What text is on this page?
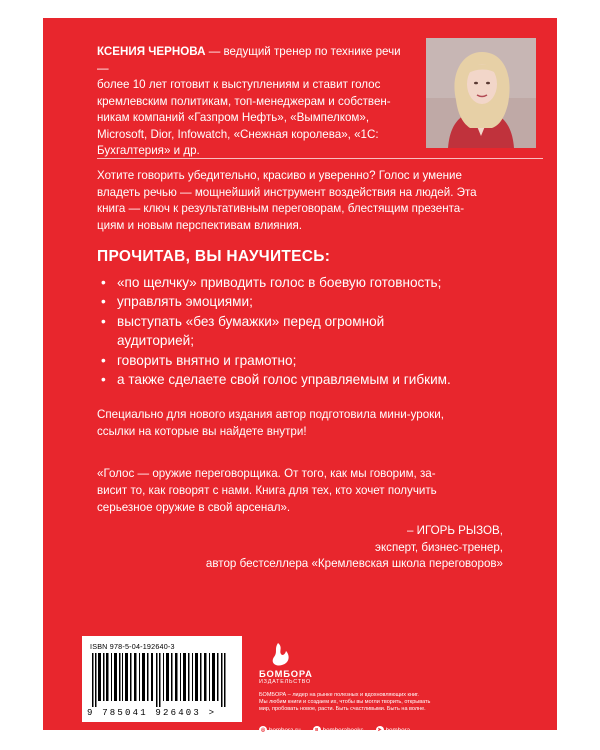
КСЕНИЯ ЧЕРНОВА — ведущий тренер по технике речи —
более 10 лет готовит к выступлениям и ставит голос
кремлевским политикам, топ-менеджерам и собствен-
никам компаний «Газпром Нефть», «Вымпелком»,
Microsoft, Dior, Infowatch, «Снежная королева», «1С:
Бухгалтерия» и др.
Хотите говорить убедительно, красиво и уверенно? Голос и умение
владеть речью — мощнейший инструмент воздействия на людей. Эта
книга — ключ к результативным переговорам, блестящим презента-
циям и новым перспективам влияния.
ПРОЧИТАВ, ВЫ НАУЧИТЕСЬ:
• «по щелчку» приводить голос в боевую готовность;
• управлять эмоциями;
• выступать «без бумажки» перед огромной
аудиторией;
• говорить внятно и грамотно;
• а также сделаете свой голос управляемым и гибким.
Специально для нового издания автор подготовила мини-уроки,
ссылки на которые вы найдете внутри!
«Голос — оружие переговорщика. От того, как мы говорим, за-
висит то, как говорят с нами. Книга для тех, кто хочет получить
серьезное оружие в свой арсенал».
– ИГОРЬ РЫЗОВ,
эксперт, бизнес-тренер,
автор бестселлера «Кремлевская школа переговоров»
БОМБОРА
ИЗДАТЕЛЬСТВО
БОМБОРА – лидер на рынке полезных и вдохновляющих книг.
Мы любим книги и создаем их, чтобы вы могли творить, открывать
мир, пробовать новое, расти. Быть счастливыми. Быть на волне.
◎ bombora.ru	в bomborabooks	➤ bombora
ISBN 978-5-04-192640-3
9 785041 926403 >
